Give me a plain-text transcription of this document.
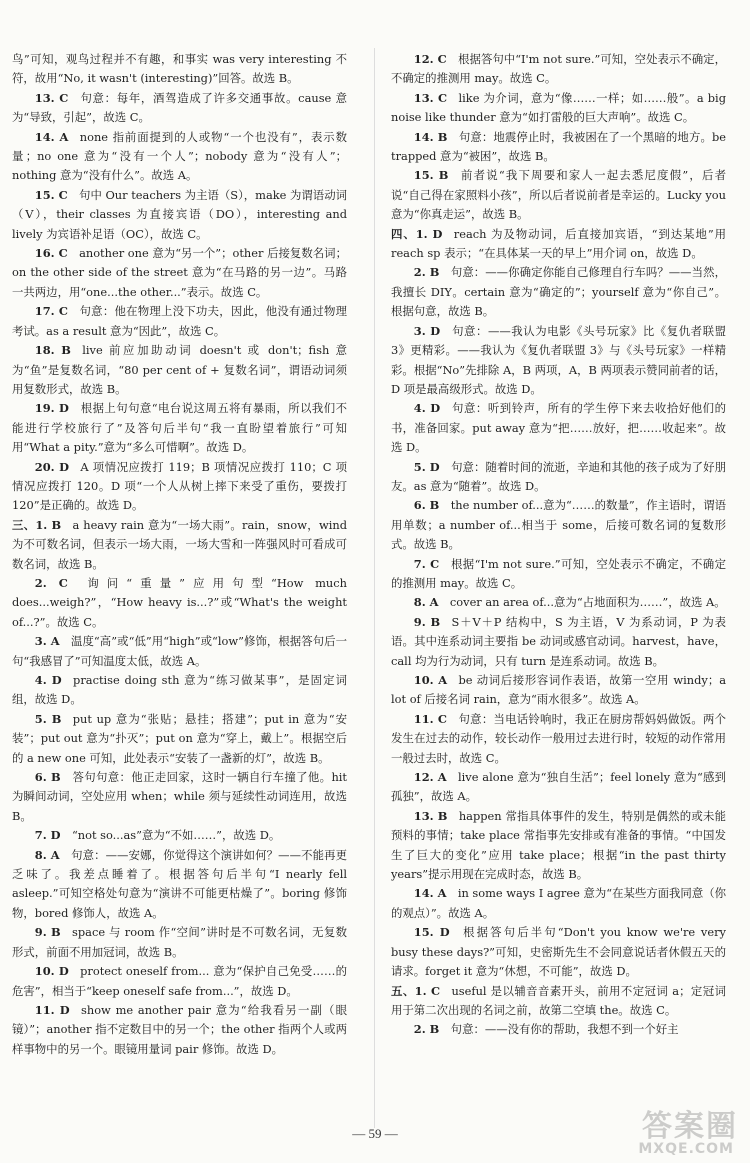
鸟”可知，观鸟过程并不有趣，和事实 was very interesting 不符，故用“No, it wasn't (interesting)”回答。故选 B。

13. C  句意：每年，酒驾造成了许多交通事故。cause 意为“导致，引起”，故选 C。

14. A  none 指前面提到的人或物“一个也没有”，表示数量；no one 意为“没有一个人”；nobody 意为“没有人”；nothing 意为“没有什么”。故选 A。

15. C  句中 Our teachers 为主语（S），make 为谓语动词（V），their classes 为直接宾语（DO），interesting and lively 为宾语补足语（OC），故选 C。

16. C  another one 意为“另一个”；other 后接复数名词；on the other side of the street 意为“在马路的另一边”。马路一共两边，用“one...the other...”表示。故选 C。

17. C  句意：他在物理上没下功夫，因此，他没有通过物理考试。as a result 意为“因此”，故选 C。

18. B  live 前应加助动词 doesn't 或 don't；fish 意为“鱼”是复数名词，“80 per cent of + 复数名词”，谓语动词须用复数形式，故选 B。

19. D  根据上句句意“电台说这周五将有暴雨，所以我们不能进行学校旅行了”及答句后半句“我一直盼望着旅行”可知用“What a pity.”意为“多么可惜啊”。故选 D。

20. D  A 项情况应拨打 119；B 项情况应拨打 110；C 项情况应拨打 120。D 项“一个人从树上摔下来受了重伤，要拨打 120”是正确的。故选 D。

三、1. B  a heavy rain 意为“一场大雨”。rain，snow，wind 为不可数名词，但表示一场大雨，一场大雪和一阵强风时可看成可数名词，故选 B。

2. C  询问“重量”应用句型“How much does...weigh?”，“How heavy is...?”或“What's the weight of...?”。故选 C。

3. A  温度“高”或“低”用“high”或“low”修饰，根据答句后一句“我感冒了”可知温度太低，故选 A。

4. D  practise doing sth 意为“练习做某事”，是固定词组，故选 D。

5. B  put up 意为“张贴；悬挂；搭建”；put in 意为“安装”；put out 意为“扑灭”；put on 意为“穿上，戴上”。根据空后的 a new one 可知，此处表示“安装了一盏新的灯”，故选 B。

6. B  答句句意：他正走回家，这时一辆自行车撞了他。hit 为瞬间动词，空处应用 when；while 须与延续性动词连用，故选 B。

7. D  “not so...as”意为“不如……”，故选 D。

8. A  句意：——安娜，你觉得这个演讲如何？——不能再更乏味了。我差点睡着了。根据答句后半句“I nearly fell asleep.”可知空格处句意为“演讲不可能更枯燥了”。boring 修饰物，bored 修饰人，故选 A。

9. B  space 与 room 作“空间”讲时是不可数名词，无复数形式，前面不用加冠词，故选 B。

10. D  protect oneself from... 意为“保护自己免受……的危害”，相当于“keep oneself safe from...”，故选 D。

11. D  show me another pair 意为“给我看另一副（眼镜）”；another 指不定数目中的另一个；the other 指两个人或两样事物中的另一个。眼镜用量词 pair 修饰。故选 D。

12. C  根据答句中“I'm not sure.”可知，空处表示不确定，不确定的推测用 may。故选 C。

13. C  like 为介词，意为“像……一样；如……般”。a big noise like thunder 意为“如打雷般的巨大声响”。故选 C。

14. B  句意：地震停止时，我被困在了一个黑暗的地方。be trapped 意为“被困”，故选 B。

15. B  前者说“我下周要和家人一起去悉尼度假”，后者说“自己得在家照料小孩”，所以后者说前者是幸运的。Lucky you 意为“你真走运”，故选 B。

四、1. D  reach 为及物动词，后直接加宾语，“到达某地”用 reach sp 表示；“在具体某一天的早上”用介词 on，故选 D。

2. B  句意：——你确定你能自己修理自行车吗？——当然，我擅长 DIY。certain 意为“确定的”；yourself 意为“你自己”。根据句意，故选 B。

3. D  句意：——我认为电影《头号玩家》比《复仇者联盟 3》更精彩。——我认为《复仇者联盟 3》与《头号玩家》一样精彩。根据“No”先排除 A，B 两项，A，B 两项表示赞同前者的话，D 项是最高级形式。故选 D。

4. D  句意：听到铃声，所有的学生停下来去收拾好他们的书，准备回家。put away 意为“把……放好，把……收起来”。故选 D。

5. D  句意：随着时间的流逝，辛迪和其他的孩子成为了好朋友。as 意为“随着”。故选 D。

6. B  the number of...意为“……的数量”，作主语时，谓语用单数；a number of...相当于 some，后接可数名词的复数形式。故选 B。

7. C  根据“I'm not sure.”可知，空处表示不确定，不确定的推测用 may。故选 C。

8. A  cover an area of...意为“占地面积为……”，故选 A。

9. B  S＋V＋P 结构中，S 为主语，V 为系动词，P 为表语。其中连系动词主要指 be 动词或感官动词。harvest，have，call 均为行为动词，只有 turn 是连系动词。故选 B。

10. A  be 动词后接形容词作表语，故第一空用 windy；a lot of 后接名词 rain，意为“雨水很多”。故选 A。

11. C  句意：当电话铃响时，我正在厨房帮妈妈做饭。两个发生在过去的动作，较长动作一般用过去进行时，较短的动作常用一般过去时，故选 C。

12. A  live alone 意为“独自生活”；feel lonely 意为“感到孤独”，故选 A。

13. B  happen 常指具体事件的发生，特别是偶然的或未能预料的事情；take place 常指事先安排或有准备的事情。“中国发生了巨大的变化”应用 take place；根据“in the past thirty years”提示用现在完成时态，故选 B。

14. A  in some ways I agree 意为“在某些方面我同意（你的观点）”。故选 A。

15. D  根据答句后半句“Don't you know we're very busy these days?”可知，史密斯先生不会同意说话者休假五天的请求。forget it 意为“休想，不可能”，故选 D。

五、1. C  useful 是以辅音音素开头，前用不定冠词 a；定冠词用于第二次出现的名词之前，故第二空填 the。故选 C。

2. B  句意：——没有你的帮助，我想不到一个好主

— 59 —	答案圈
MXQE.COM
